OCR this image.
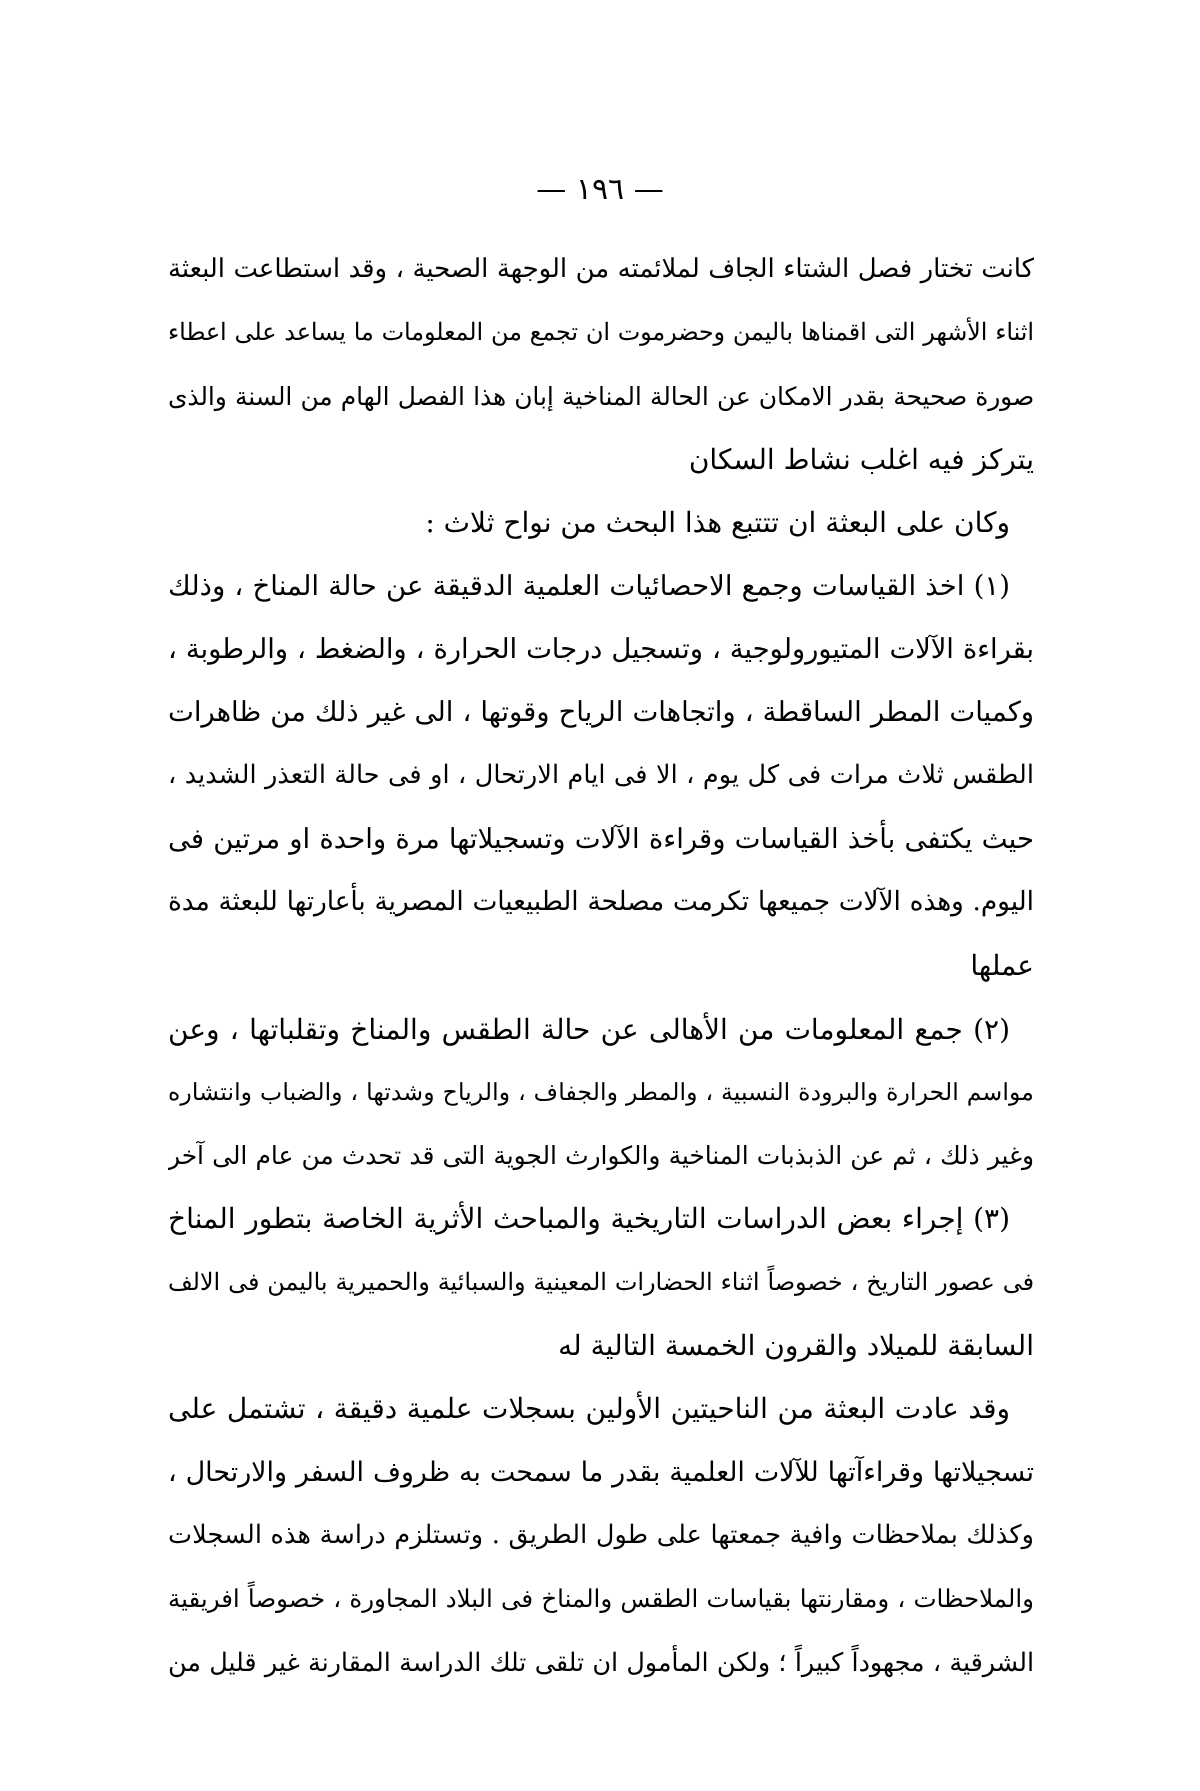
— ١٩٦ —
كانت تختار فصل الشتاء الجاف لملائمته من الوجهة الصحية ، وقد استطاعت البعثة
اثناء الأشهر التى اقمناها باليمن وحضرموت ان تجمع من المعلومات ما يساعد على اعطاء
صورة صحيحة بقدر الامكان عن الحالة المناخية إبان هذا الفصل الهام من السنة والذى
يتركز فيه اغلب نشاط السكان
وكان على البعثة ان تتتبع هذا البحث من نواح ثلاث :
(١) اخذ القياسات وجمع الاحصائيات العلمية الدقيقة عن حالة المناخ ، وذلك
بقراءة الآلات المتيورولوجية ، وتسجيل درجات الحرارة ، والضغط ، والرطوبة ،
وكميات المطر الساقطة ، واتجاهات الرياح وقوتها ، الى غير ذلك من ظاهرات
الطقس ثلاث مرات فى كل يوم ، الا فى ايام الارتحال ، او فى حالة التعذر الشديد ،
حيث يكتفى بأخذ القياسات وقراءة الآلات وتسجيلاتها مرة واحدة او مرتين فى
اليوم. وهذه الآلات جميعها تكرمت مصلحة الطبيعيات المصرية بأعارتها للبعثة مدة
عملها
(٢) جمع المعلومات من الأهالى عن حالة الطقس والمناخ وتقلباتها ، وعن
مواسم الحرارة والبرودة النسبية ، والمطر والجفاف ، والرياح وشدتها ، والضباب وانتشاره
وغير ذلك ، ثم عن الذبذبات المناخية والكوارث الجوية التى قد تحدث من عام الى آخر
(٣) إجراء بعض الدراسات التاريخية والمباحث الأثرية الخاصة بتطور المناخ
فى عصور التاريخ ، خصوصاً اثناء الحضارات المعينية والسبائية والحميرية باليمن فى الالف
السابقة للميلاد والقرون الخمسة التالية له
وقد عادت البعثة من الناحيتين الأولين بسجلات علمية دقيقة ، تشتمل على
تسجيلاتها وقراءآتها للآلات العلمية بقدر ما سمحت به ظروف السفر والارتحال ،
وكذلك بملاحظات وافية جمعتها على طول الطريق . وتستلزم دراسة هذه السجلات
والملاحظات ، ومقارنتها بقياسات الطقس والمناخ فى البلاد المجاورة ، خصوصاً افريقية
الشرقية ، مجهوداً كبيراً ؛ ولكن المأمول ان تلقى تلك الدراسة المقارنة غير قليل من
